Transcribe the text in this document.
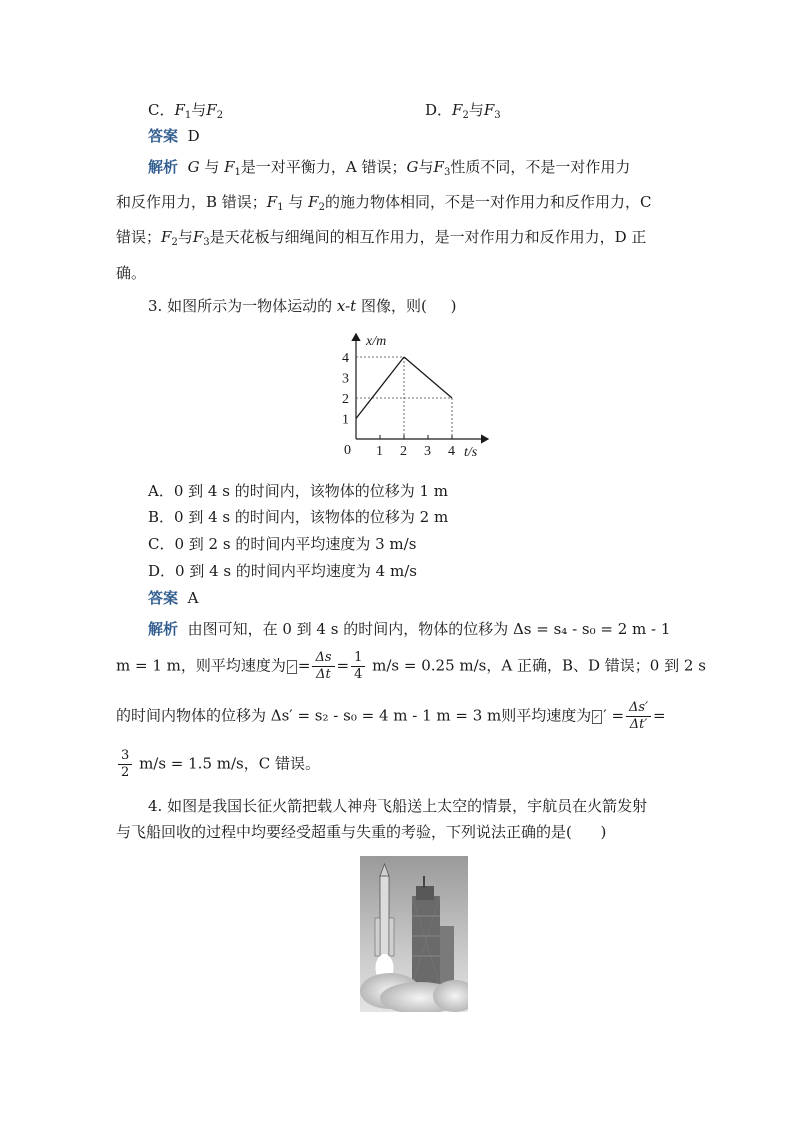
C．$F_1$与$F_2$	D．$F_2$与$F_3$
答案 D
解析 G 与 $F_1$是一对平衡力，A 错误；G与$F_3$性质不同，不是一对作用力
和反作用力，B 错误；$F_1$ 与 $F_2$的施力物体相同，不是一对作用力和反作用力，C
错误；$F_2$与$F_3$是天花板与细绳间的相互作用力，是一对作用力和反作用力，D 正
确。
3. 如图所示为一物体运动的 x-t 图像，则( )
1 2 3 4
1
2
3
4
x/m
t/s
0
A．0 到 4 s 的时间内，该物体的位移为 1 m
B．0 到 4 s 的时间内，该物体的位移为 2 m
C．0 到 2 s 的时间内平均速度为 3 m/s
D．0 到 4 s 的时间内平均速度为 4 m/s
答案 A
解析 由图可知，在 0 到 4 s 的时间内，物体的位移为 Δs = s₄ - s₀ = 2 m - 1
m = 1 m，则平均速度为 = $\frac{\Delta s}{\Delta t} = \frac{1}{4} m/s = 0.25$ m/s，A 正确，B、D 错误；0 到 2 s
的时间内物体的位移为 Δs′ = s₂ - s₀ = 4 m - 1 m = 3 m则平均速度为 ′ = $\frac{\Delta s'}{\Delta t'}$ =
$\frac{3}{2} m/s = 1.5$ m/s，C 错误。
4. 如图是我国长征火箭把载人神舟飞船送上太空的情景，宇航员在火箭发射
与飞船回收的过程中均要经受超重与失重的考验，下列说法正确的是( )
